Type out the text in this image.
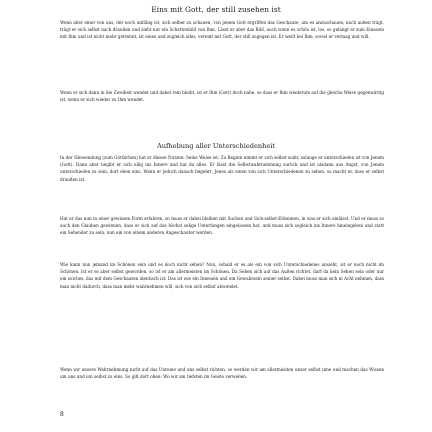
Eins mit Gott, der still zusehen ist

Wenn aber einer von uns, der noch unfähig ist, sich selber zu schauen, von jenem Gott ergriffen das Geschaute, um es anzuschauen, nach außen trägt, trägt er sich selbst nach draußen und sieht nur ein Schattenbild von Ihm. Lässt er aber das Bild, auch wenn es schön ist, los, so gelangt er zum Einssein mit Ihm und ist nicht mehr getrennt, ist eines und zugleich alles, vereint mit Gott, der still zugegen ist. Er weilt bei Ihm, soviel er vermag und will.

Wenn er sich dann in die Zweiheit wendet und dabei rein bleibt, ist er Ihm (Gott) doch nahe, so dass er Ihm wiederum auf die gleiche Weise gegenwärtig ist, wenn er sich wieder zu Ihm wendet.

Aufhebung aller Unterschiedenheit

In der Hinwendung (zum Göttlichen) hat er diesen Nutzen: Seine Weise ist: Zu Beginn nimmt er sich selbst wahr, solange er unterschieden ist von Jenem (Gott). Dann aber begibt er sich eilig ins Innere und hat da alles. Er lässt die Selbstwahrnehmung zurück und ist alsdann aus Angst, von Jenem unterschieden zu sein, dort eben eins. Wenn er jedoch danach begehrt, Jenes als einen von sich Unterschiedenen zu sehen, so macht er, dass er selbst draußen ist.

Hat er das nun in einer gewissen Form erfahren, so muss er dabei bleiben mit Suchen und Sich-selbst-Erkennen, in was er sich einlässt. Und er muss so auch den Glauben gewinnen, dass er sich auf das höchst selige Unterfangen eingelassen hat, und muss sich sogleich ins Innere hineingeben und statt ein Sehender zu sein, nun ein von einem anderen Angeschauter werden.

Wie kann nun jemand im Schönen sein und es doch nicht sehen? Nun, sobald er es als ein von sich Unterschiedenes ansieht, ist er noch nicht im Schönen. Ist er es aber selbst geworden, so ist er am allermeisten im Schönen. Da Sehen sich auf das Außen richtet, darf da kein Sehen sein oder nur ein solches, das mit dem Geschauten identisch ist. Das ist wie ein Innesein und ein Gewahrsein seiner selbst. Dabei muss man sich in Acht nehmen, dass man nicht dadurch, dass man mehr wahrnehmen will, sich von sich selbst abwendet.

Wenn wir unsere Wahrnehmung nicht auf das Unreine und uns selbst richten, so werden wir am allermeisten unser selbst inne und machen das Wissen um uns und um selbst zu eins. So gilt dort oben: Wo wir am tiefsten im Geiste verweilen.

8
